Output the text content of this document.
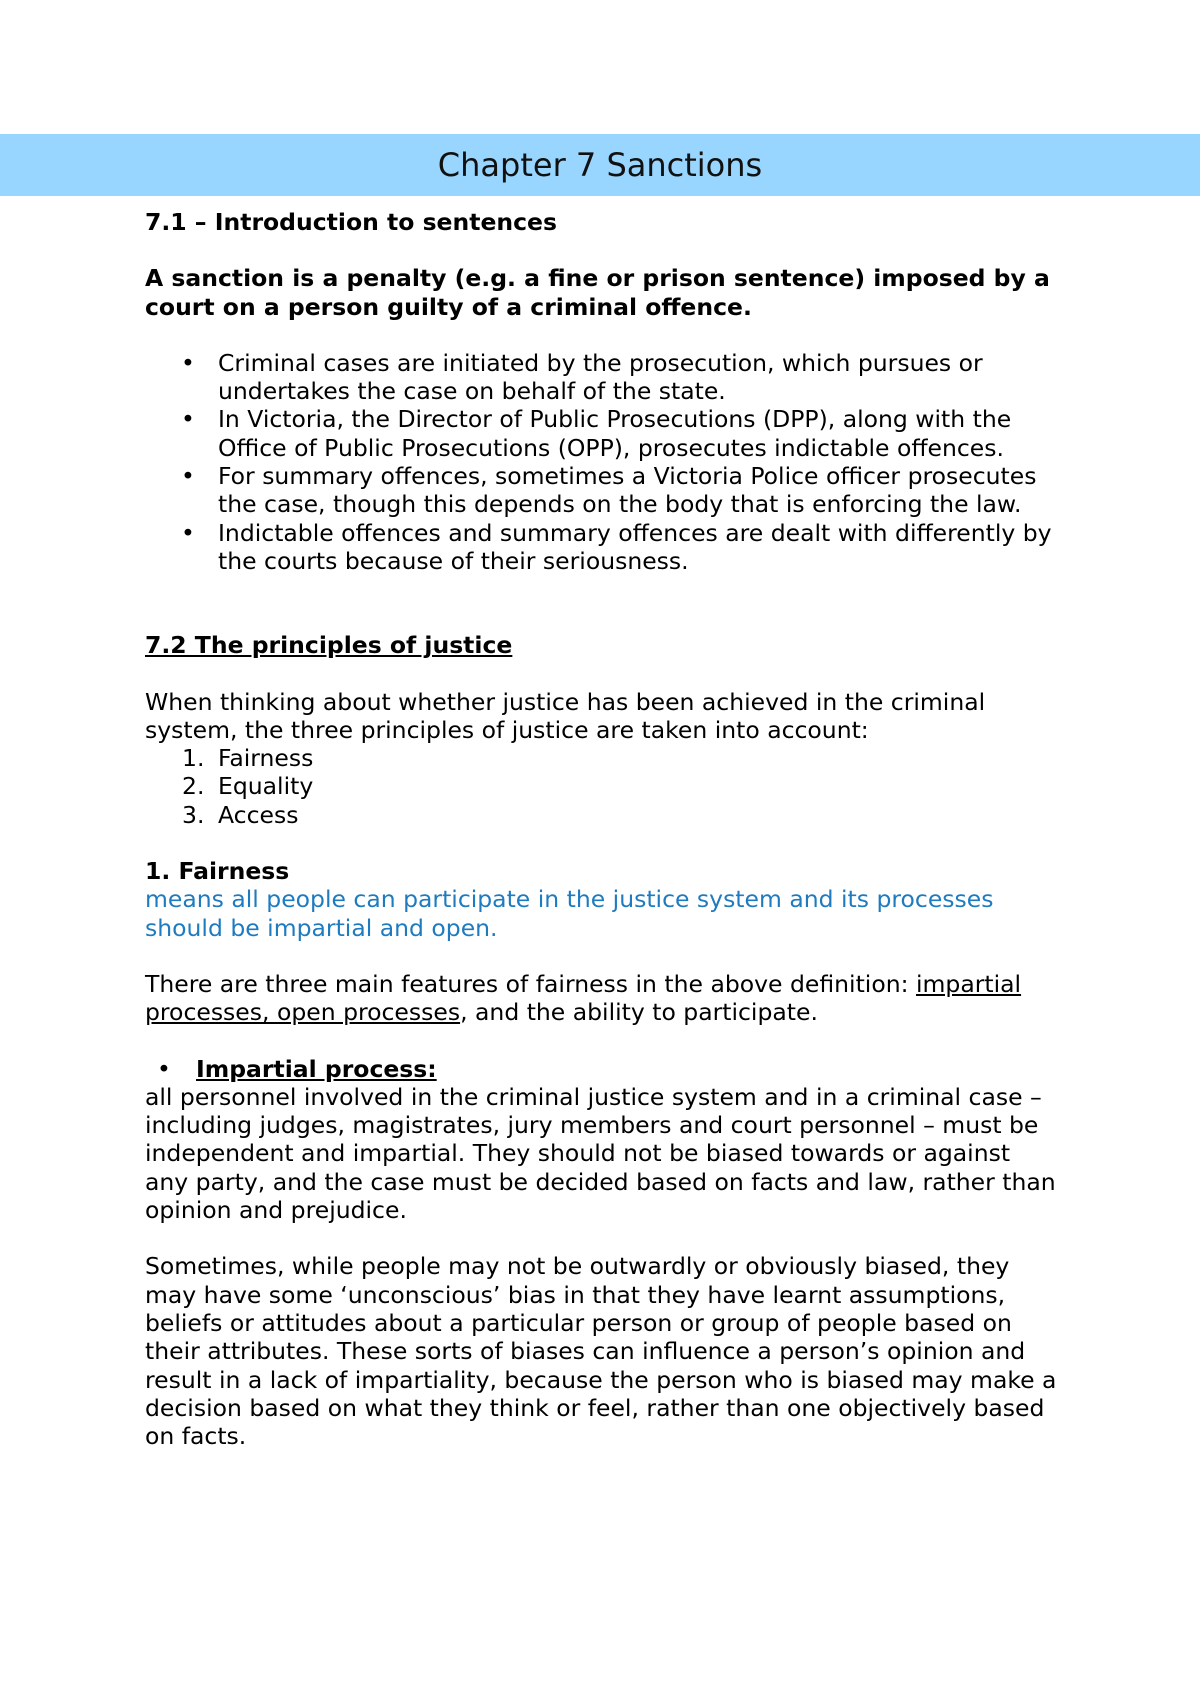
Chapter 7 Sanctions

7.1 – Introduction to sentences

A sanction is a penalty (e.g. a fine or prison sentence) imposed by a court on a person guilty of a criminal offence.

• Criminal cases are initiated by the prosecution, which pursues or undertakes the case on behalf of the state.
• In Victoria, the Director of Public Prosecutions (DPP), along with the Office of Public Prosecutions (OPP), prosecutes indictable offences.
• For summary offences, sometimes a Victoria Police officer prosecutes the case, though this depends on the body that is enforcing the law.
• Indictable offences and summary offences are dealt with differently by the courts because of their seriousness.

7.2 The principles of justice

When thinking about whether justice has been achieved in the criminal system, the three principles of justice are taken into account:

1. Fairness
2. Equality
3. Access

1. Fairness

means all people can participate in the justice system and its processes should be impartial and open.

There are three main features of fairness in the above definition: impartial processes, open processes, and the ability to participate.

• Impartial process:

all personnel involved in the criminal justice system and in a criminal case –including judges, magistrates, jury members and court personnel – must be independent and impartial. They should not be biased towards or against any party, and the case must be decided based on facts and law, rather than opinion and prejudice.

Sometimes, while people may not be outwardly or obviously biased, they may have some ‘unconscious’ bias in that they have learnt assumptions, beliefs or attitudes about a particular person or group of people based on their attributes. These sorts of biases can influence a person’s opinion and result in a lack of impartiality, because the person who is biased may make a decision based on what they think or feel, rather than one objectively based on facts.
